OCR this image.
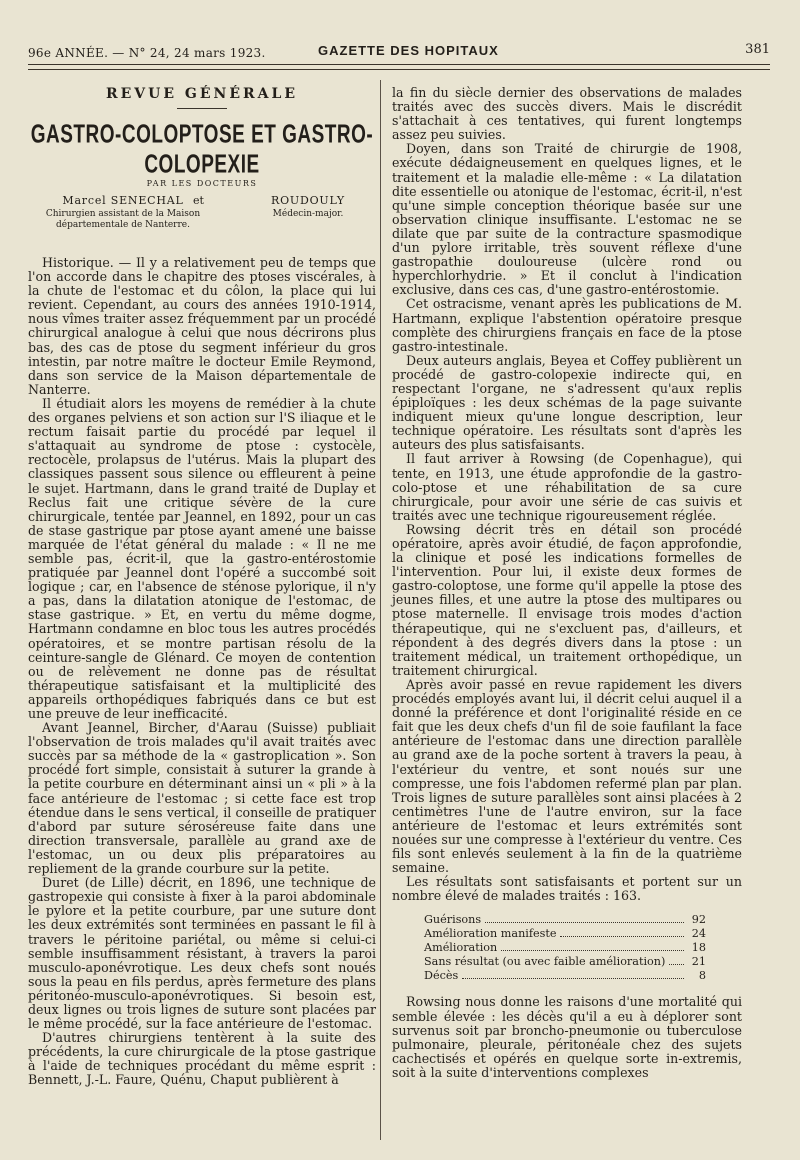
96e ANNÉE. — N° 24, 24 mars 1923.	GAZETTE DES HOPITAUX	381
REVUE GÉNÉRALE
GASTRO-COLOPTOSE ET GASTRO-COLOPEXIE
PAR LES DOCTEURS
Marcel SENECHAL
Chirurgien assistant de la Maison départementale de Nanterre.
et	ROUDOULY
Médecin-major.

Historique. — Il y a relativement peu de temps que l'on accorde dans le chapitre des ptoses viscérales, à la chute de l'estomac et du côlon, la place qui lui revient. Cependant, au cours des années 1910-1914, nous vîmes traiter assez fréquemment par un procédé chirurgical analogue à celui que nous décrirons plus bas, des cas de ptose du segment inférieur du gros intestin, par notre maître le docteur Emile Reymond, dans son service de la Maison départementale de Nanterre.

Il étudiait alors les moyens de remédier à la chute des organes pelviens et son action sur l'S iliaque et le rectum faisait partie du procédé par lequel il s'attaquait au syndrome de ptose : cystocèle, rectocèle, prolapsus de l'utérus. Mais la plupart des classiques passent sous silence ou effleurent à peine le sujet. Hartmann, dans le grand traité de Duplay et Reclus fait une critique sévère de la cure chirurgicale, tentée par Jeannel, en 1892, pour un cas de stase gastrique par ptose ayant amené une baisse marquée de l'état général du malade : « Il ne me semble pas, écrit-il, que la gastro-entérostomie pratiquée par Jeannel dont l'opéré a succombé soit logique ; car, en l'absence de sténose pylorique, il n'y a pas, dans la dilatation atonique de l'estomac, de stase gastrique. » Et, en vertu du même dogme, Hartmann condamne en bloc tous les autres procédés opératoires, et se montre partisan résolu de la ceinture-sangle de Glénard. Ce moyen de contention ou de relèvement ne donne pas de résultat thérapeutique satisfaisant et la multiplicité des appareils orthopédiques fabriqués dans ce but est une preuve de leur inefficacité.

Avant Jeannel, Bircher, d'Aarau (Suisse) publiait l'observation de trois malades qu'il avait traités avec succès par sa méthode de la « gastroplication ». Son procédé fort simple, consistait à suturer la grande à la petite courbure en déterminant ainsi un « pli » à la face antérieure de l'estomac ; si cette face est trop étendue dans le sens vertical, il conseille de pratiquer d'abord par suture séroséreuse faite dans une direction transversale, parallèle au grand axe de l'estomac, un ou deux plis préparatoires au repliement de la grande courbure sur la petite.

Duret (de Lille) décrit, en 1896, une technique de gastropexie qui consiste à fixer à la paroi abdominale le pylore et la petite courbure, par une suture dont les deux extrémités sont terminées en passant le fil à travers le péritoine pariétal, ou même si celui-ci semble insuffisamment résistant, à travers la paroi musculo-aponévrotique. Les deux chefs sont noués sous la peau en fils perdus, après fermeture des plans péritonéo-musculo-aponévrotiques. Si besoin est, deux lignes ou trois lignes de suture sont placées par le même procédé, sur la face antérieure de l'estomac.

D'autres chirurgiens tentèrent à la suite des précédents, la cure chirurgicale de la ptose gastrique à l'aide de techniques procédant du même esprit : Bennett, J.-L. Faure, Quénu, Chaput publièrent à

la fin du siècle dernier des observations de malades traités avec des succès divers. Mais le discrédit s'attachait à ces tentatives, qui furent longtemps assez peu suivies.

Doyen, dans son Traité de chirurgie de 1908, exécute dédaigneusement en quelques lignes, et le traitement et la maladie elle-même : « La dilatation dite essentielle ou atonique de l'estomac, écrit-il, n'est qu'une simple conception théorique basée sur une observation clinique insuffisante. L'estomac ne se dilate que par suite de la contracture spasmodique d'un pylore irritable, très souvent réflexe d'une gastropathie douloureuse (ulcère rond ou hyperchlorhydrie. » Et il conclut à l'indication exclusive, dans ces cas, d'une gastro-entérostomie.

Cet ostracisme, venant après les publications de M. Hartmann, explique l'abstention opératoire presque complète des chirurgiens français en face de la ptose gastro-intestinale.

Deux auteurs anglais, Beyea et Coffey publièrent un procédé de gastro-colopexie indirecte qui, en respectant l'organe, ne s'adressent qu'aux replis épiploïques : les deux schémas de la page suivante indiquent mieux qu'une longue description, leur technique opératoire. Les résultats sont d'après les auteurs des plus satisfaisants.

Il faut arriver à Rowsing (de Copenhague), qui tente, en 1913, une étude approfondie de la gastro-colo-ptose et une réhabilitation de sa cure chirurgicale, pour avoir une série de cas suivis et traités avec une technique rigoureusement réglée.

Rowsing décrit très en détail son procédé opératoire, après avoir étudié, de façon approfondie, la clinique et posé les indications formelles de l'intervention. Pour lui, il existe deux formes de gastro-coloptose, une forme qu'il appelle la ptose des jeunes filles, et une autre la ptose des multipares ou ptose maternelle. Il envisage trois modes d'action thérapeutique, qui ne s'excluent pas, d'ailleurs, et répondent à des degrés divers dans la ptose : un traitement médical, un traitement orthopédique, un traitement chirurgical.

Après avoir passé en revue rapidement les divers procédés employés avant lui, il décrit celui auquel il a donné la préférence et dont l'originalité réside en ce fait que les deux chefs d'un fil de soie faufilant la face antérieure de l'estomac dans une direction parallèle au grand axe de la poche sortent à travers la peau, à l'extérieur du ventre, et sont noués sur une compresse, une fois l'abdomen refermé plan par plan. Trois lignes de suture parallèles sont ainsi placées à 2 centimètres l'une de l'autre environ, sur la face antérieure de l'estomac et leurs extrémités sont nouées sur une compresse à l'extérieur du ventre. Ces fils sont enlevés seulement à la fin de la quatrième semaine.

Les résultats sont satisfaisants et portent sur un nombre élevé de malades traités : 163.

Guérisons	92
Amélioration manifeste	24
Amélioration	18
Sans résultat (ou avec faible amélioration)	21
Décès	8

Rowsing nous donne les raisons d'une mortalité qui semble élevée : les décès qu'il a eu à déplorer sont survenus soit par broncho-pneumonie ou tuberculose pulmonaire, pleurale, péritonéale chez des sujets cachectisés et opérés en quelque sorte in-extremis, soit à la suite d'interventions complexes
